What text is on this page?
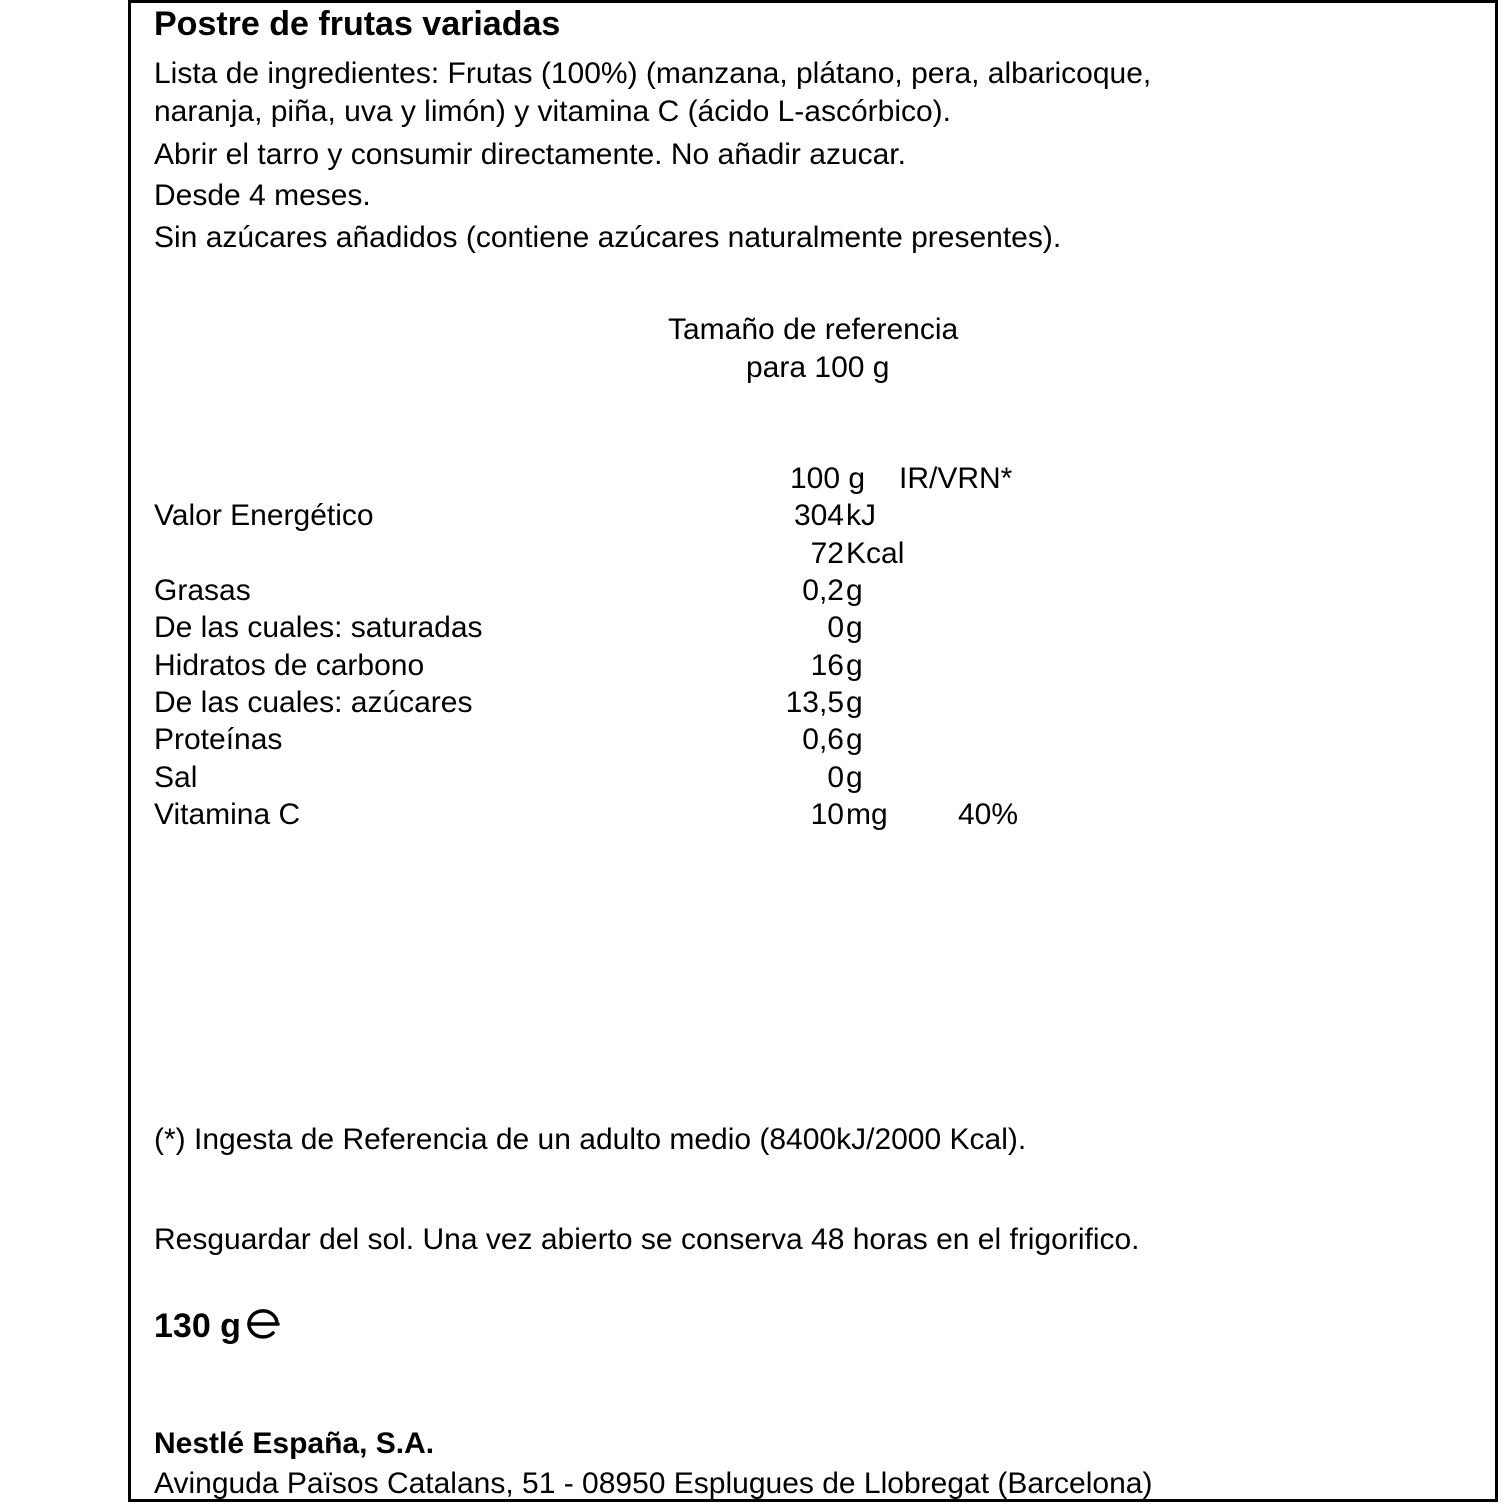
Postre de frutas variadas
Lista de ingredientes: Frutas (100%) (manzana, plátano, pera, albaricoque,
naranja, piña, uva y limón) y vitamina C (ácido L-ascórbico).
Abrir el tarro y consumir directamente. No añadir azucar.
Desde 4 meses.
Sin azúcares añadidos (contiene azúcares naturalmente presentes).
Tamaño de referencia
para 100 g
100 g IR/VRN*
Valor Energético	304 kJ
72 Kcal
Grasas	0,2 g
De las cuales: saturadas	0 g
Hidratos de carbono	16 g
De las cuales: azúcares	13,5 g
Proteínas	0,6 g
Sal	0 g
Vitamina C	10 mg 40%
(*) Ingesta de Referencia de un adulto medio (8400kJ/2000 Kcal).
Resguardar del sol. Una vez abierto se conserva 48 horas en el frigorifico.
130 g
Nestlé España, S.A.
Avinguda Països Catalans, 51 - 08950 Esplugues de Llobregat (Barcelona)
